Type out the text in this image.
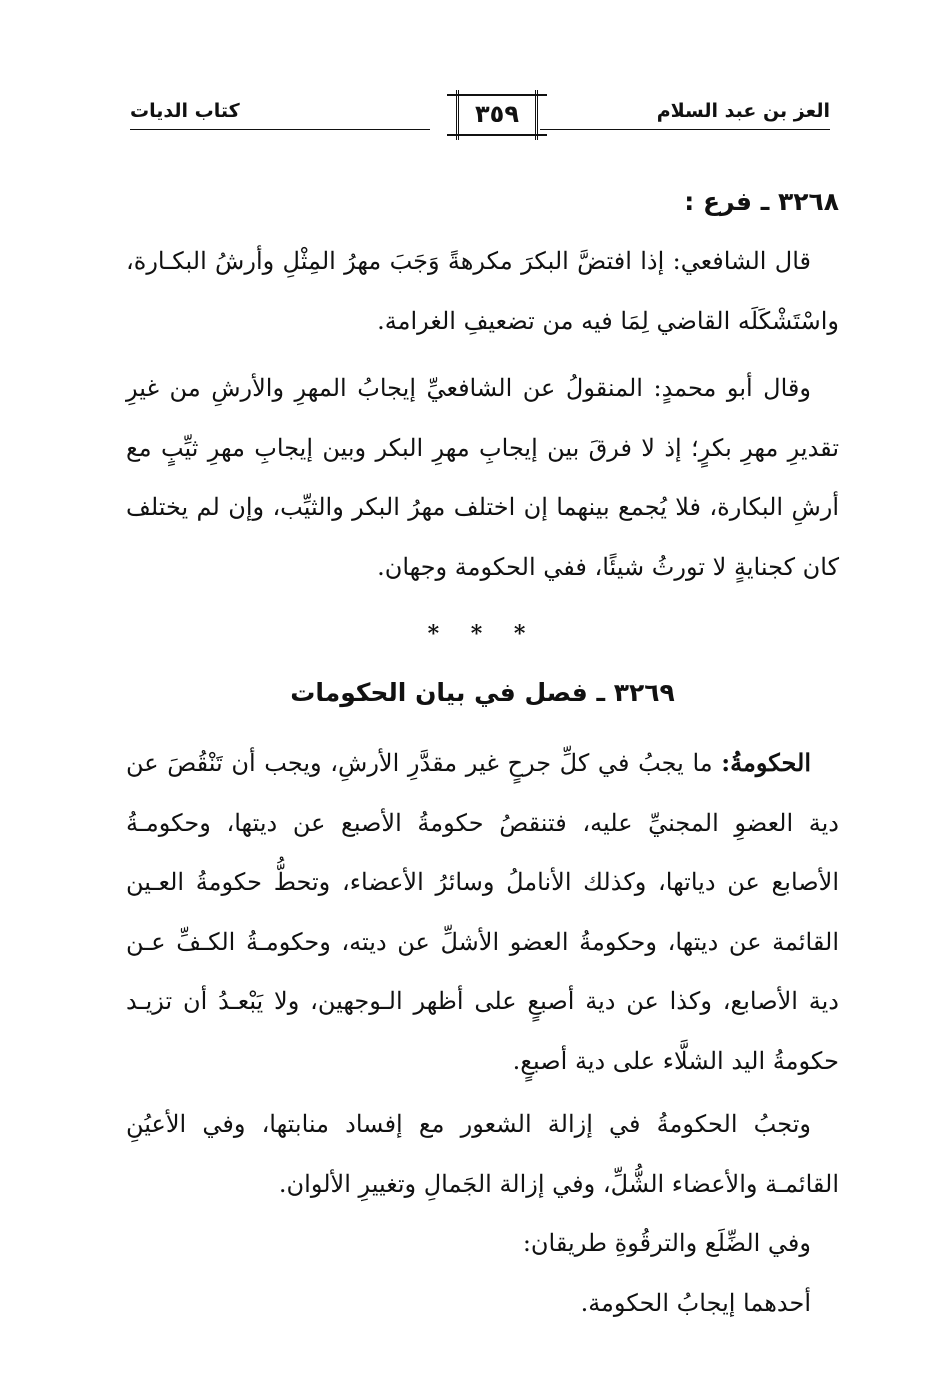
العز بن عبد السلام
٣٥٩
كتاب الديات

٣٢٦٨ ـ فرع :

قال الشافعي: إذا افتضَّ البكرَ مكرهةً وَجَبَ مهرُ المِثْلِ وأرشُ البكـارة، واسْتَشْكَلَه القاضي لِمَا فيه من تضعيفِ الغرامة.

وقال أبو محمدٍ: المنقولُ عن الشافعيِّ إيجابُ المهرِ والأرشِ من غيرِ تقديرِ مهرِ بكرٍ؛ إذ لا فرقَ بين إيجابِ مهرِ البكر وبين إيجابِ مهرِ ثيِّبٍ مع أرشِ البكارة، فلا يُجمع بينهما إن اختلف مهرُ البكر والثيِّب، وإن لم يختلف كان كجنايةٍ لا تورثُ شيئًا، ففي الحكومة وجهان.

* * *

٣٢٦٩ ـ فصل في بيان الحكومات

الحكومةُ: ما يجبُ في كلِّ جرحٍ غير مقدَّرِ الأرشِ، ويجب أن تَنْقُصَ عن دية العضوِ المجنيِّ عليه، فتنقصُ حكومةُ الأصبع عن ديتها، وحكومـةُ الأصابع عن دياتها، وكذلك الأناملُ وسائرُ الأعضاء، وتحطُّ حكومةُ العـين القائمة عن ديتها، وحكومةُ العضو الأشلِّ عن ديته، وحكومـةُ الكـفِّ عـن دية الأصابع، وكذا عن دية أصبعٍ على أظهر الـوجهين، ولا يَبْعـدُ أن تزيـد حكومةُ اليد الشلَّاء على دية أصبعٍ.

وتجبُ الحكومةُ في إزالة الشعور مع إفساد منابتها، وفي الأعيُنِ القائمـة والأعضاء الشُّلِّ، وفي إزالة الجَمالِ وتغييرِ الألوان.

وفي الضِّلَع والترقُوةِ طريقان:

أحدهما إيجابُ الحكومة.
